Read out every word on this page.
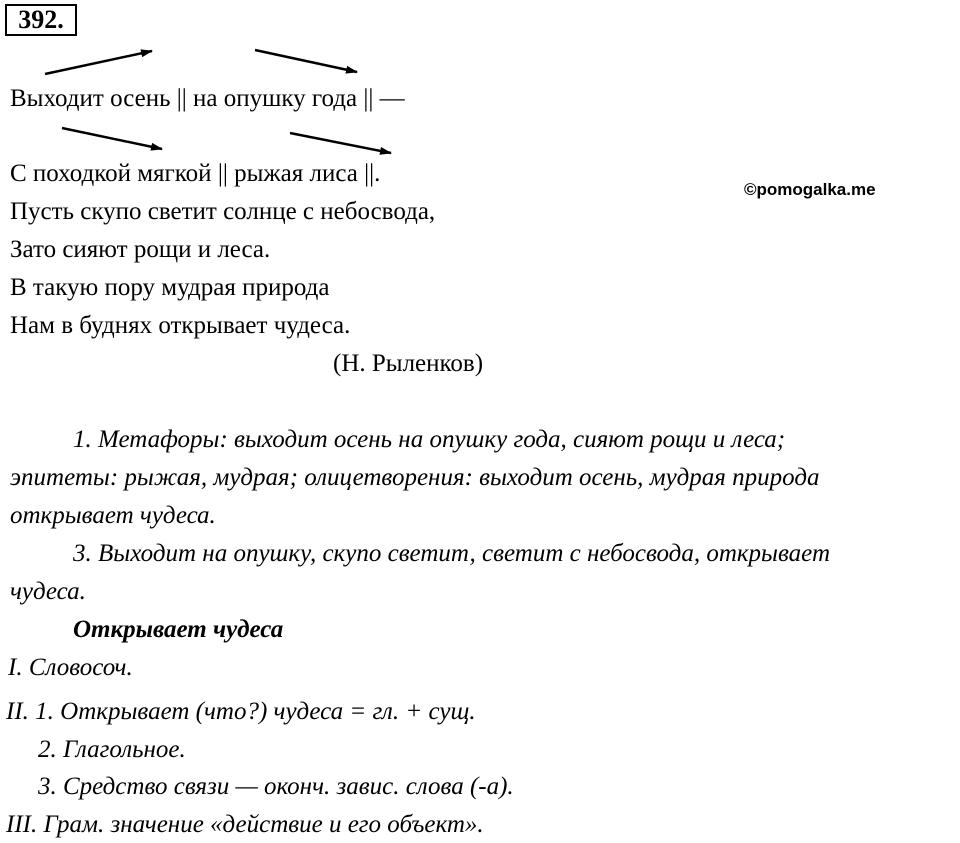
392.
Выходит осень || на опушку года || —
С походкой мягкой || рыжая лиса ||.
Пусть скупо светит солнце с небосвода,
Зато сияют рощи и леса.
В такую пору мудрая природа
Нам в буднях открывает чудеса.
(Н. Рыленков)
©pomogalka.me
1. Метафоры: выходит осень на опушку года, сияют рощи и леса;
эпитеты: рыжая, мудрая; олицетворения: выходит осень, мудрая природа
открывает чудеса.
3. Выходит на опушку, скупо светит, светит с небосвода, открывает
чудеса.
Открывает чудеса
I. Словосоч.
II. 1. Открывает (что?) чудеса = гл. + сущ.
2. Глагольное.
3. Средство связи — оконч. завис. слова (-а).
III. Грам. значение «действие и его объект».
